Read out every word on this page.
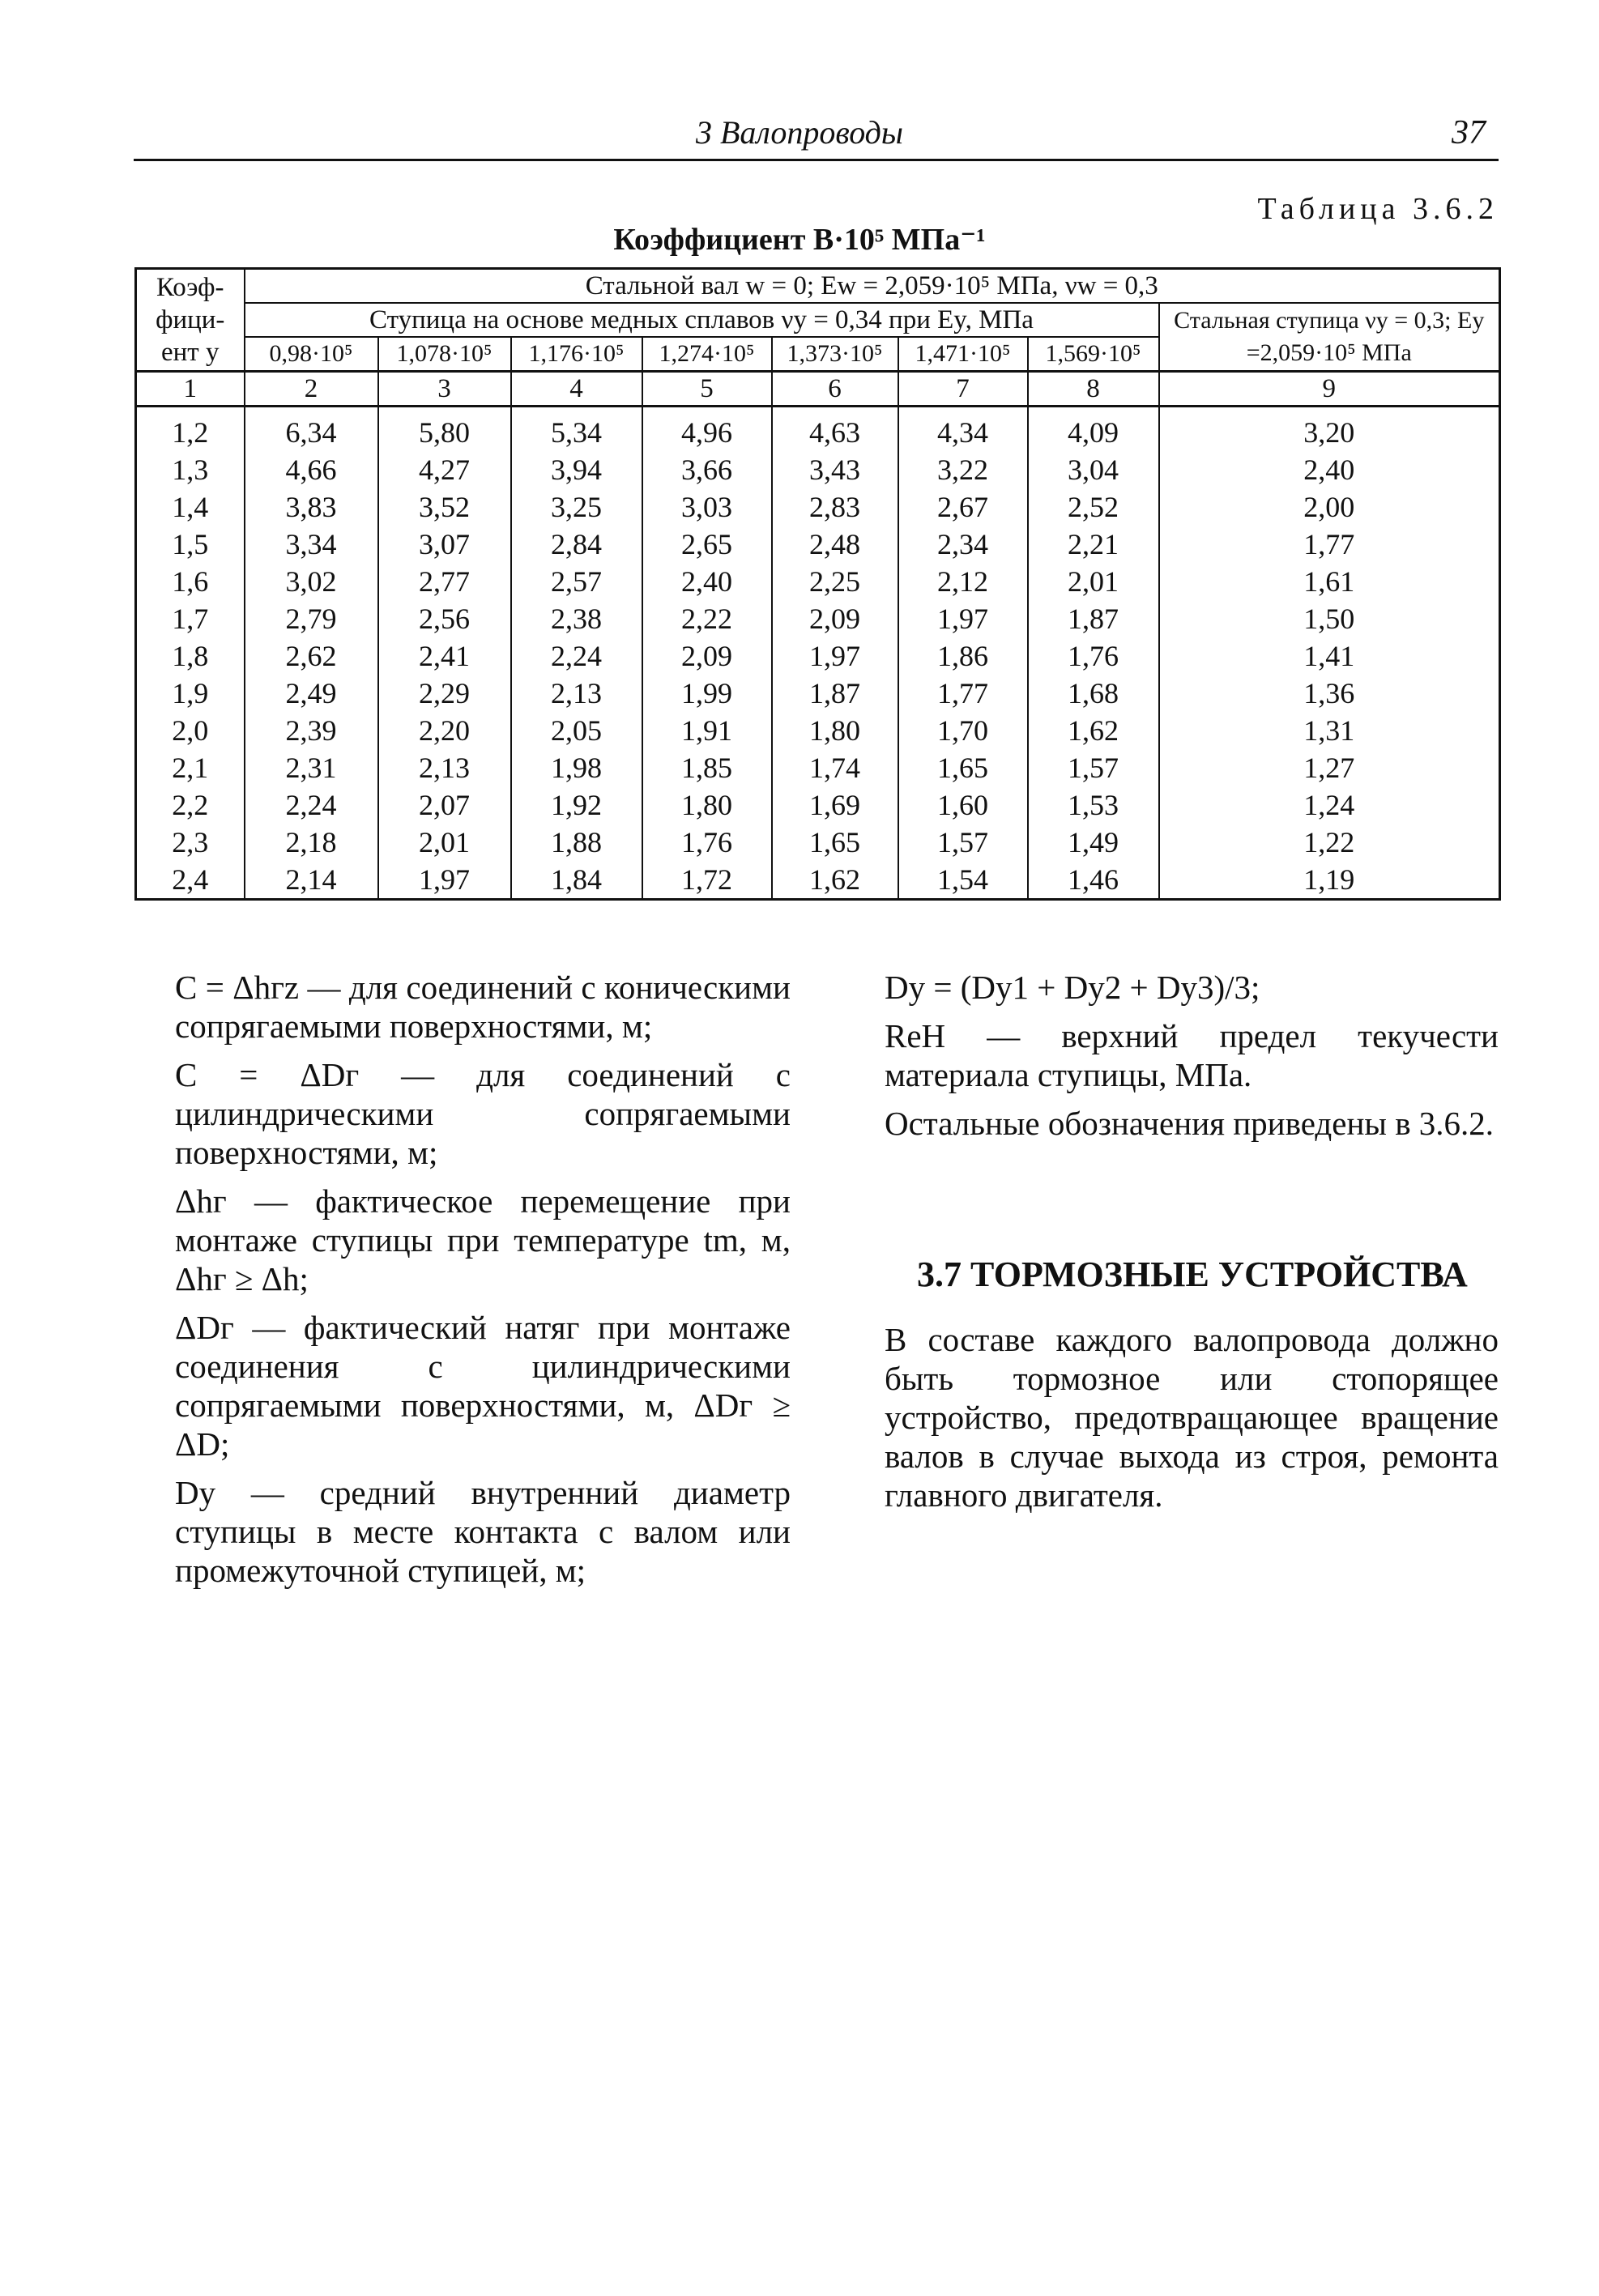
3 Валопроводы	37
Таблица 3.6.2
Коэффициент B·10⁵ МПа⁻¹
Коэф-фици-ент y	Стальной вал w = 0; Ew = 2,059·10⁵ МПа, νw = 0,3							
	Ступица на основе медных сплавов νy = 0,34 при Ey, МПа							Стальная ступица νy = 0,3; Ey =2,059·10⁵ МПа
	0,98·10⁵	1,078·10⁵	1,176·10⁵	1,274·10⁵	1,373·10⁵	1,471·10⁵	1,569·10⁵	
1	2	3	4	5	6	7	8	9
1,2	6,34	5,80	5,34	4,96	4,63	4,34	4,09	3,20
1,3	4,66	4,27	3,94	3,66	3,43	3,22	3,04	2,40
1,4	3,83	3,52	3,25	3,03	2,83	2,67	2,52	2,00
1,5	3,34	3,07	2,84	2,65	2,48	2,34	2,21	1,77
1,6	3,02	2,77	2,57	2,40	2,25	2,12	2,01	1,61
1,7	2,79	2,56	2,38	2,22	2,09	1,97	1,87	1,50
1,8	2,62	2,41	2,24	2,09	1,97	1,86	1,76	1,41
1,9	2,49	2,29	2,13	1,99	1,87	1,77	1,68	1,36
2,0	2,39	2,20	2,05	1,91	1,80	1,70	1,62	1,31
2,1	2,31	2,13	1,98	1,85	1,74	1,65	1,57	1,27
2,2	2,24	2,07	1,92	1,80	1,69	1,60	1,53	1,24
2,3	2,18	2,01	1,88	1,76	1,65	1,57	1,49	1,22
2,4	2,14	1,97	1,84	1,72	1,62	1,54	1,46	1,19

C = Δhгz — для соединений с коническими сопрягаемыми поверхностями, м;

C = ΔDг — для соединений с цилиндрическими сопрягаемыми поверхностями, м;

Δhг — фактическое перемещение при монтаже ступицы при температуре tm, м, Δhг ≥ Δh;

ΔDг — фактический натяг при монтаже соединения с цилиндрическими сопрягаемыми поверхностями, м, ΔDг ≥ ΔD;

Dy — средний внутренний диаметр ступицы в месте контакта с валом или промежуточной ступицей, м;

Dy = (Dy1 + Dy2 + Dy3)/3;

ReH — верхний предел текучести материала ступицы, МПа.

Остальные обозначения приведены в 3.6.2.

3.7 ТОРМОЗНЫЕ УСТРОЙСТВА

В составе каждого валопровода должно быть тормозное или стопорящее устройство, предотвращающее вращение валов в случае выхода из строя, ремонта главного двигателя.
